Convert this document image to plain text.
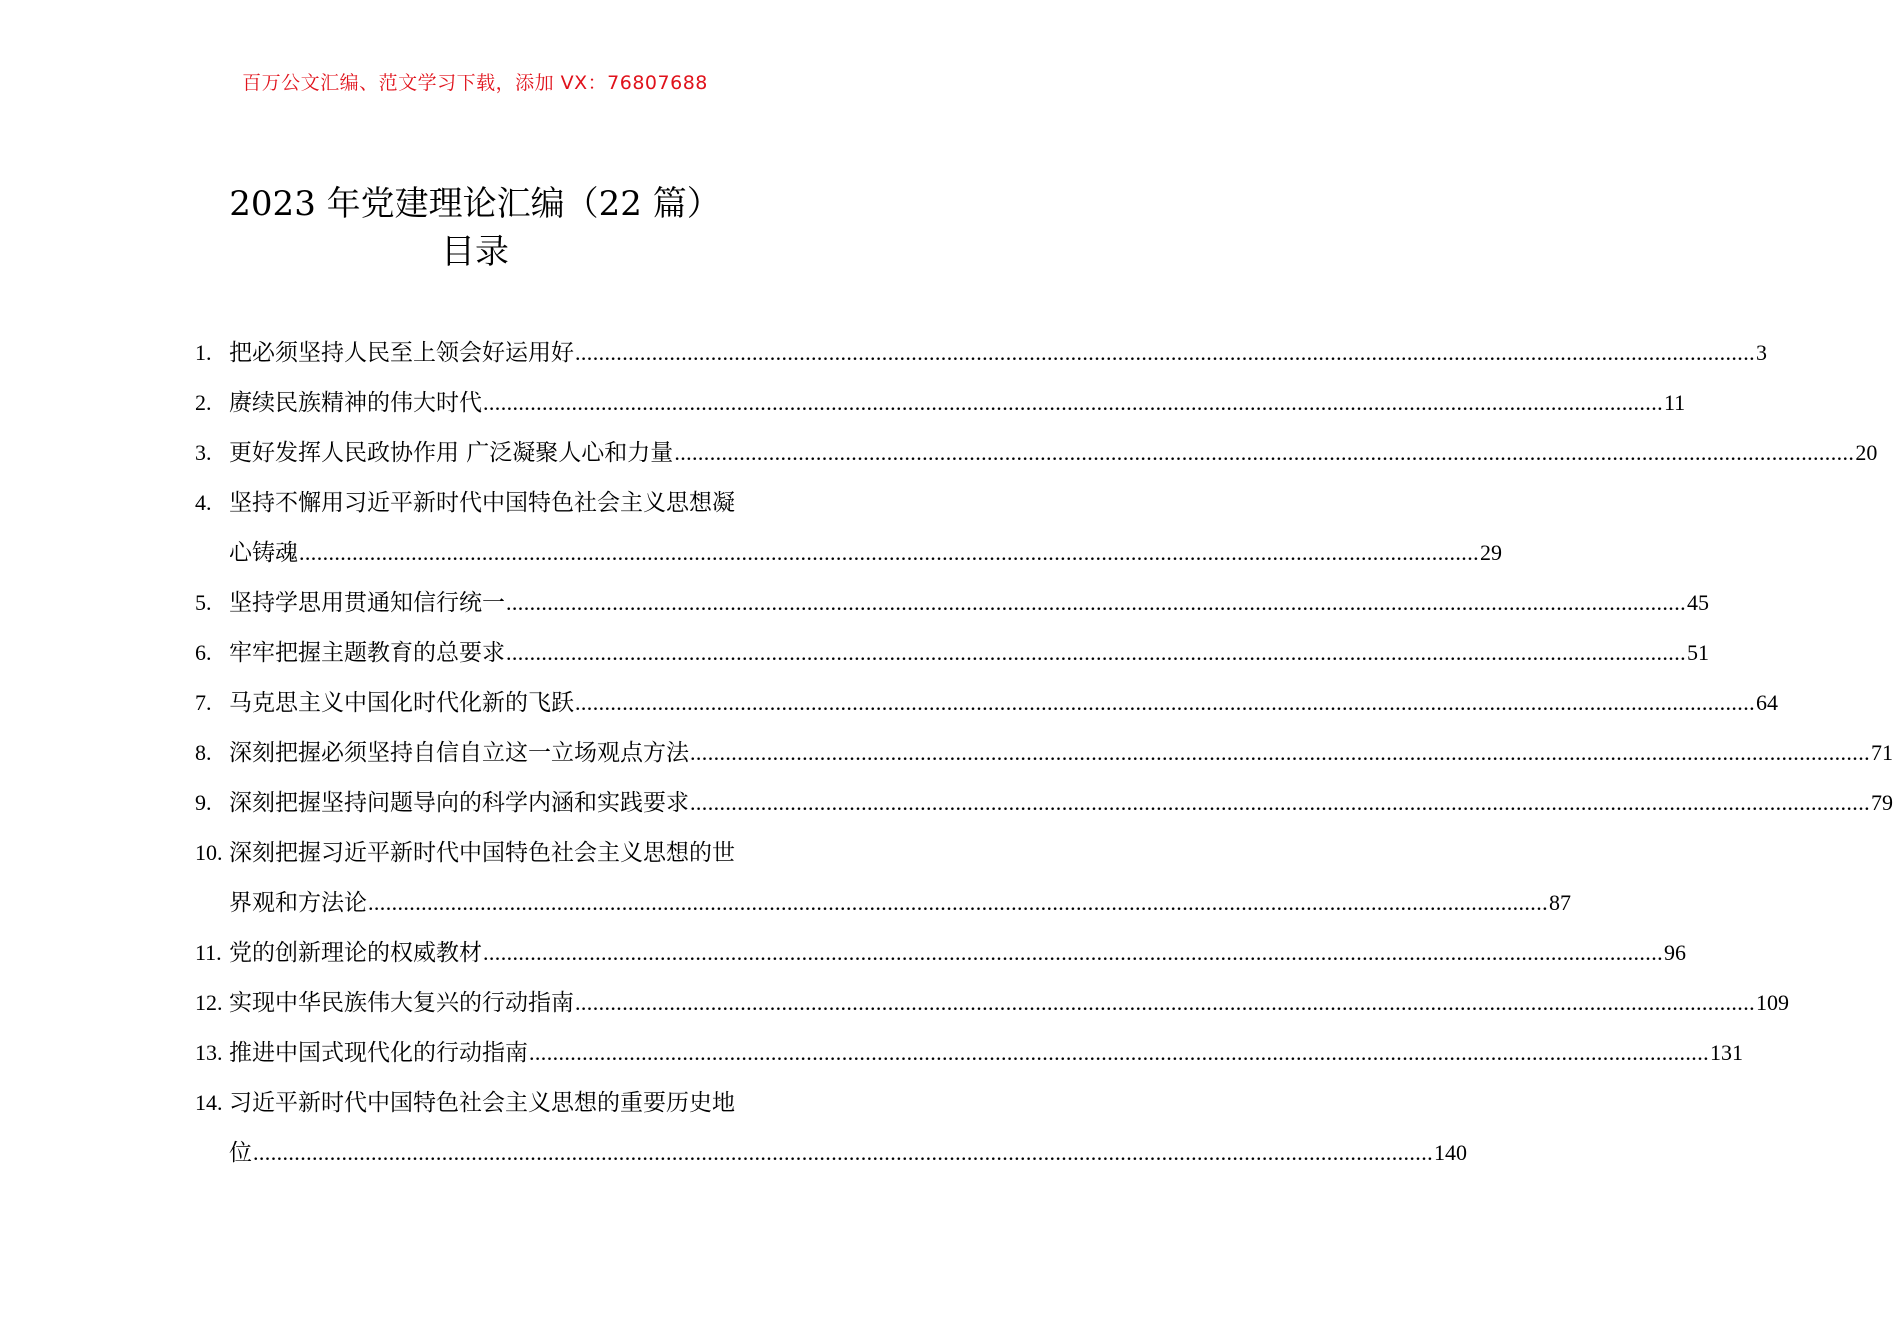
百万公文汇编、范文学习下载，添加 VX：76807688
2023 年党建理论汇编（22 篇）
目录
1. 把必须坚持人民至上领会好运用好 ........................................................................................................................................................................................................ 3
2. 赓续民族精神的伟大时代 ........................................................................................................................................................................................................ 11
3. 更好发挥人民政协作用 广泛凝聚人心和力量 ........................................................................................................................................................................................................ 20
4. 坚持不懈用习近平新时代中国特色社会主义思想凝
心铸魂 ........................................................................................................................................................................................................ 29
5. 坚持学思用贯通知信行统一 ........................................................................................................................................................................................................ 45
6. 牢牢把握主题教育的总要求 ........................................................................................................................................................................................................ 51
7. 马克思主义中国化时代化新的飞跃 ........................................................................................................................................................................................................ 64
8. 深刻把握必须坚持自信自立这一立场观点方法 ........................................................................................................................................................................................................ 71
9. 深刻把握坚持问题导向的科学内涵和实践要求 ........................................................................................................................................................................................................ 79
10. 深刻把握习近平新时代中国特色社会主义思想的世
界观和方法论 ........................................................................................................................................................................................................ 87
11. 党的创新理论的权威教材 ........................................................................................................................................................................................................ 96
12. 实现中华民族伟大复兴的行动指南 ........................................................................................................................................................................................................ 109
13. 推进中国式现代化的行动指南 ........................................................................................................................................................................................................ 131
14. 习近平新时代中国特色社会主义思想的重要历史地
位 ........................................................................................................................................................................................................ 140
